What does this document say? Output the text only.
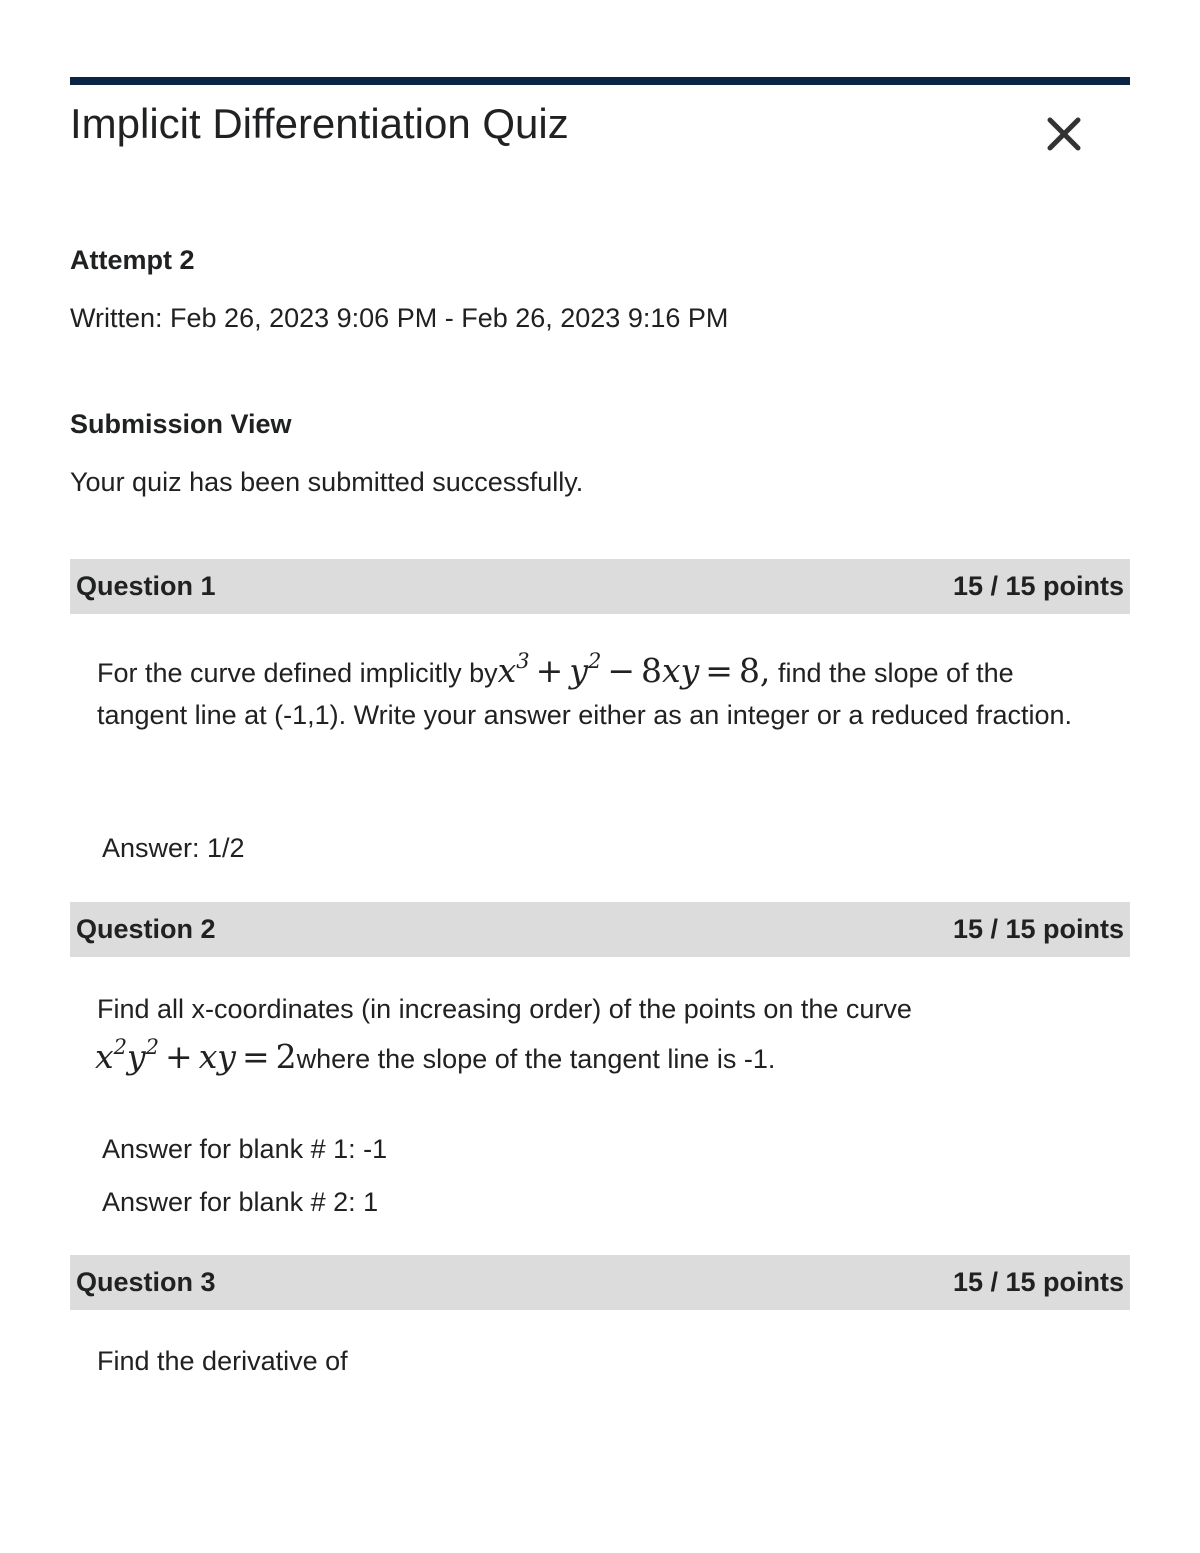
Implicit Differentiation Quiz
Attempt 2
Written: Feb 26, 2023 9:06 PM - Feb 26, 2023 9:16 PM
Submission View
Your quiz has been submitted successfully.
Question 1	15 / 15 points
For the curve defined implicitly $byx^3 + y^2 - 8xy = 8$, find the slope of the tangent line at (-1,1). Write your answer either as an integer or a reduced fraction.
Answer: 1/2
Question 2	15 / 15 points
Find all x-coordinates (in increasing order) of the points on the curve
$x^2y^2$ + xy = 2where the slope of the tangent line is -1.
Answer for blank # 1: -1
Answer for blank # 2: 1
Question 3	15 / 15 points
Find the derivative of
